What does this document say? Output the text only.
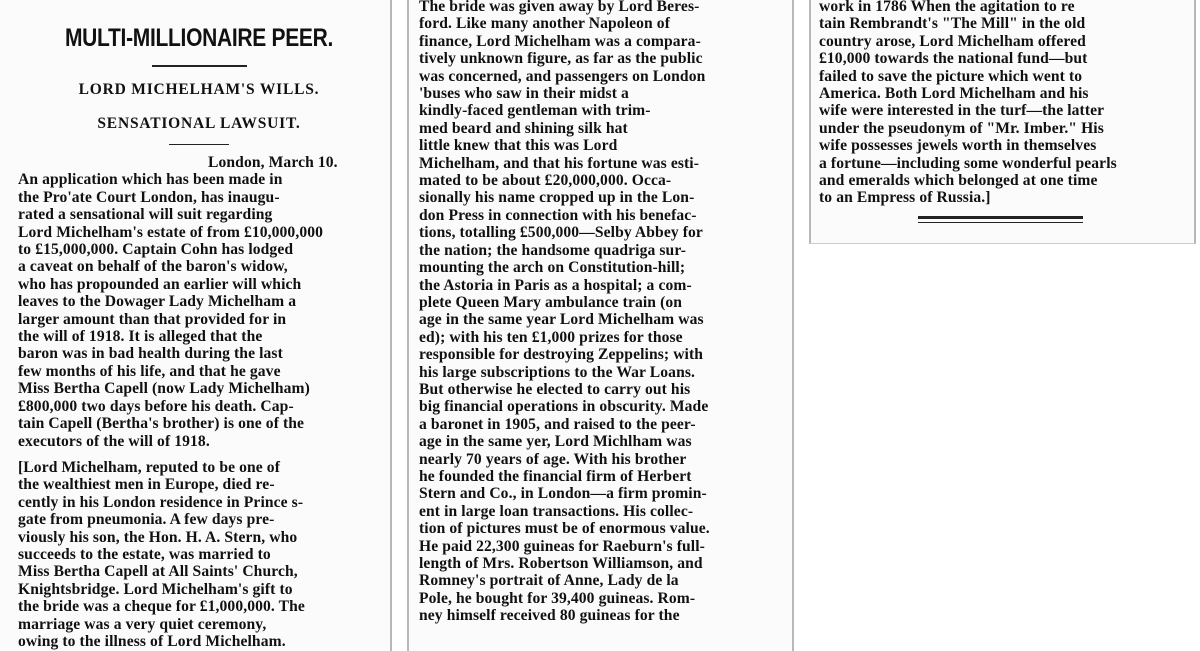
MULTI-MILLIONAIRE PEER.
LORD MICHELHAM'S WILLS.
SENSATIONAL LAWSUIT.
London, March 10.
An application which has been made in
the Pro'ate Court London, has inaugu-
rated a sensational will suit regarding
Lord Michelham's estate of from £10,000,000
to £15,000,000. Captain Cohn has lodged
a caveat on behalf of the baron's widow,
who has propounded an earlier will which
leaves to the Dowager Lady Michelham a
larger amount than that provided for in
the will of 1918. It is alleged that the
baron was in bad health during the last
few months of his life, and that he gave
Miss Bertha Capell (now Lady Michelham)
£800,000 two days before his death. Cap-
tain Capell (Bertha's brother) is one of the
executors of the will of 1918.
[Lord Michelham, reputed to be one of
the wealthiest men in Europe, died re-
cently in his London residence in Prince s-
gate from pneumonia. A few days pre-
viously his son, the Hon. H. A. Stern, who
succeeds to the estate, was married to
Miss Bertha Capell at All Saints' Church,
Knightsbridge. Lord Michelham's gift to
the bride was a cheque for £1,000,000. The
marriage was a very quiet ceremony,
owing to the illness of Lord Michelham.
The bride was given away by Lord Beres-
ford. Like many another Napoleon of
finance, Lord Michelham was a compara-
tively unknown figure, as far as the public
was concerned, and passengers on London
'buses who saw in their midst a
kindly-faced gentleman with trim-
med beard and shining silk hat
little knew that this was Lord
Michelham, and that his fortune was esti-
mated to be about £20,000,000. Occa-
sionally his name cropped up in the Lon-
don Press in connection with his benefac-
tions, totalling £500,000—Selby Abbey for
the nation; the handsome quadriga sur-
mounting the arch on Constitution-hill;
the Astoria in Paris as a hospital; a com-
plete Queen Mary ambulance train (on
age in the same year Lord Michelham was
ed); with his ten £1,000 prizes for those
responsible for destroying Zeppelins; with
his large subscriptions to the War Loans.
But otherwise he elected to carry out his
big financial operations in obscurity. Made
a baronet in 1905, and raised to the peer-
age in the same yer, Lord Michlham was
nearly 70 years of age. With his brother
he founded the financial firm of Herbert
Stern and Co., in London—a firm promin-
ent in large loan transactions. His collec-
tion of pictures must be of enormous value.
He paid 22,300 guineas for Raeburn's full-
length of Mrs. Robertson Williamson, and
Romney's portrait of Anne, Lady de la
Pole, he bought for 39,400 guineas. Rom-
ney himself received 80 guineas for the
work in 1786 When the agitation to re
tain Rembrandt's "The Mill" in the old
country arose, Lord Michelham offered
£10,000 towards the national fund—but
failed to save the picture which went to
America. Both Lord Michelham and his
wife were interested in the turf—the latter
under the pseudonym of "Mr. Imber." His
wife possesses jewels worth in themselves
a fortune—including some wonderful pearls
and emeralds which belonged at one time
to an Empress of Russia.]
